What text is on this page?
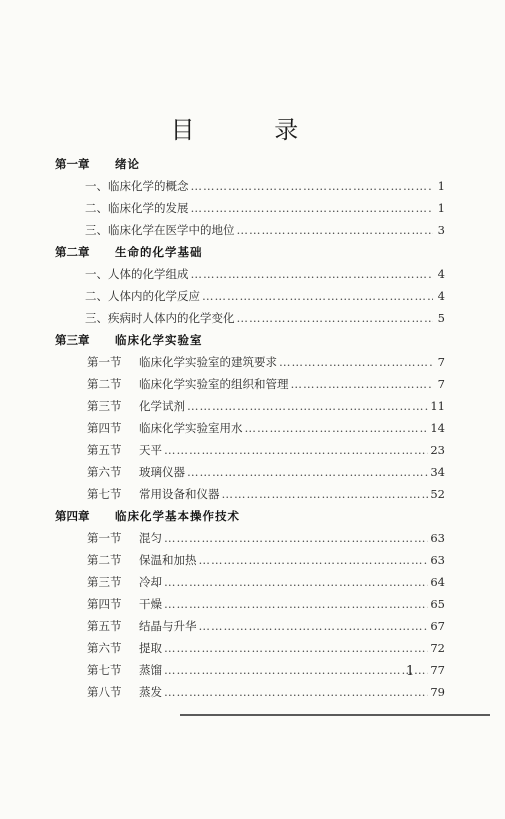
目 录
第一章	绪论
一、 临床化学的概念 ……………………………………………………………………………………………………………………………………	1
二、 临床化学的发展 ……………………………………………………………………………………………………………………………………	1
三、 临床化学在医学中的地位 ……………………………………………………………………………………………………………………………………	3
第二章	生命的化学基础
一、 人体的化学组成 ……………………………………………………………………………………………………………………………………	4
二、 人体内的化学反应 ……………………………………………………………………………………………………………………………………	4
三、 疾病时人体内的化学变化 ……………………………………………………………………………………………………………………………………	5
第三章	临床化学实验室
第一节	临床化学实验室的建筑要求 ……………………………………………………………………………………………………………………………………	7
第二节	临床化学实验室的组织和管理 ……………………………………………………………………………………………………………………………………	7
第三节	化学试剂 ……………………………………………………………………………………………………………………………………	11
第四节	临床化学实验室用水 ……………………………………………………………………………………………………………………………………	14
第五节	天平 ……………………………………………………………………………………………………………………………………	23
第六节	玻璃仪器 ……………………………………………………………………………………………………………………………………	34
第七节	常用设备和仪器 ……………………………………………………………………………………………………………………………………	52
第四章	临床化学基本操作技术
第一节	混匀 ……………………………………………………………………………………………………………………………………	63
第二节	保温和加热 ……………………………………………………………………………………………………………………………………	63
第三节	冷却 ……………………………………………………………………………………………………………………………………	64
第四节	干燥 ……………………………………………………………………………………………………………………………………	65
第五节	结晶与升华 ……………………………………………………………………………………………………………………………………	67
第六节	提取 ……………………………………………………………………………………………………………………………………	72
第七节	蒸馏 ……………………………………………………………………………………………………………………………………	77
第八节	蒸发 ……………………………………………………………………………………………………………………………………	79
1
